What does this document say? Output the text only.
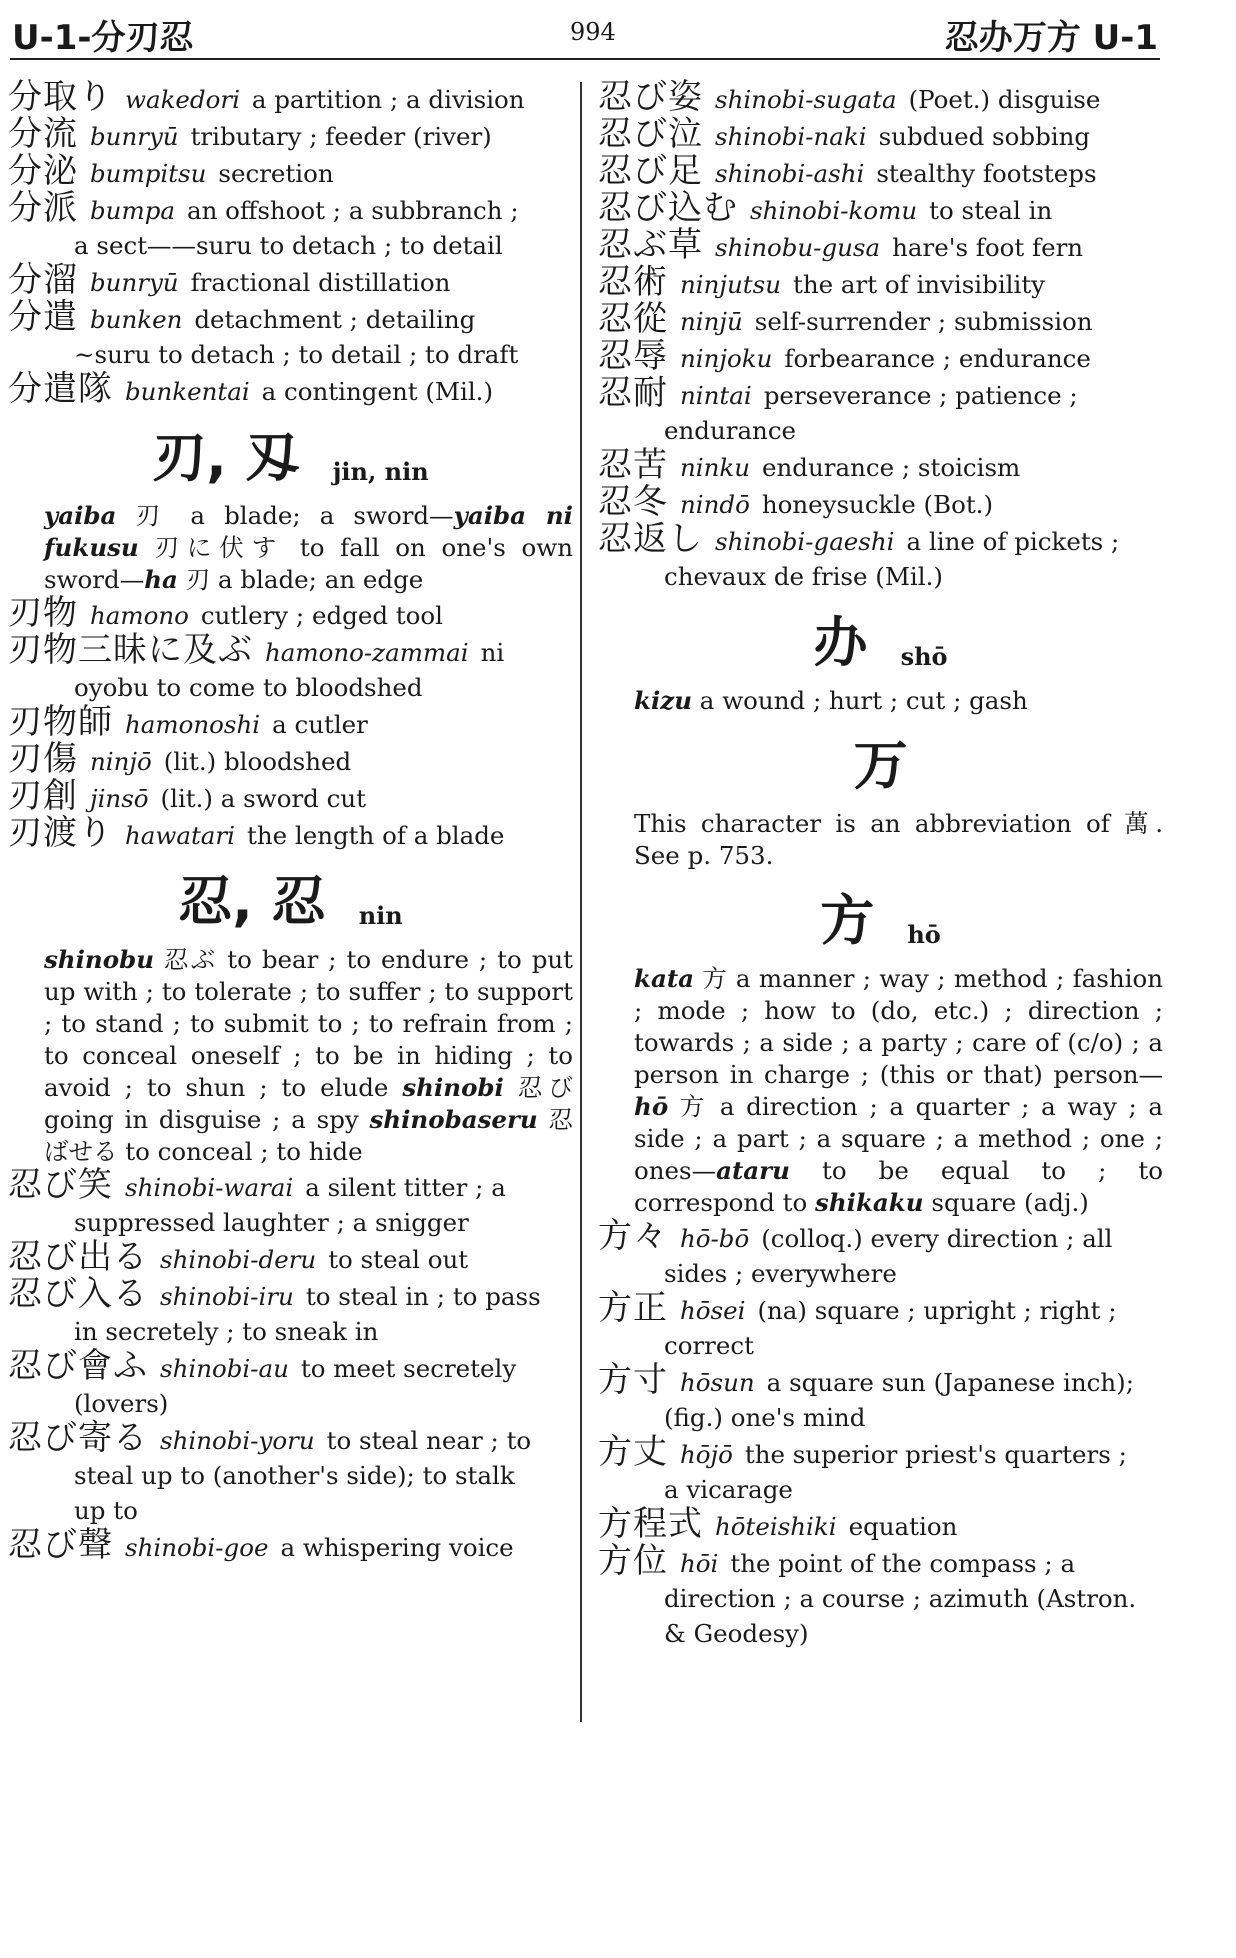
U-1-分刃忍	994	忍办万方 U-1

分取り wakedori a partition ; a division

分流 bunryū tributary ; feeder (river)

分泌 bumpitsu secretion

分派 bumpa an offshoot ; a subbranch ;

a sect——suru to detach ; to detail

分溜 bunryū fractional distillation

分遣 bunken detachment ; detailing

~suru to detach ; to detail ; to draft

分遣隊 bunkentai a contingent (Mil.)

刃, 刄 jin, nin

yaiba 刃 a blade; a sword—yaiba ni fukusu 刃に伏す to fall on one's own sword—ha 刃 a blade; an edge

刃物 hamono cutlery ; edged tool

刃物三昧に及ぶ hamono-zammai ni

oyobu to come to bloodshed

刃物師 hamonoshi a cutler

刃傷 ninjō (lit.) bloodshed

刃創 jinsō (lit.) a sword cut

刃渡り hawatari the length of a blade

忍, 忍 nin

shinobu 忍ぶ to bear ; to endure ; to put up with ; to tolerate ; to suffer ; to support ; to stand ; to submit to ; to refrain from ; to conceal oneself ; to be in hiding ; to avoid ; to shun ; to elude shinobi 忍び going in disguise ; a spy shinobaseru 忍ばせる to conceal ; to hide

忍び笑 shinobi-warai a silent titter ; a

suppressed laughter ; a snigger

忍び出る shinobi-deru to steal out

忍び入る shinobi-iru to steal in ; to pass

in secretely ; to sneak in

忍び會ふ shinobi-au to meet secretely

(lovers)

忍び寄る shinobi-yoru to steal near ; to

steal up to (another's side); to stalk

up to

忍び聲 shinobi-goe a whispering voice

忍び姿 shinobi-sugata (Poet.) disguise

忍び泣 shinobi-naki subdued sobbing

忍び足 shinobi-ashi stealthy footsteps

忍び込む shinobi-komu to steal in

忍ぶ草 shinobu-gusa hare's foot fern

忍術 ninjutsu the art of invisibility

忍從 ninjū self-surrender ; submission

忍辱 ninjoku forbearance ; endurance

忍耐 nintai perseverance ; patience ;

endurance

忍苦 ninku endurance ; stoicism

忍冬 nindō honeysuckle (Bot.)

忍返し shinobi-gaeshi a line of pickets ;

chevaux de frise (Mil.)

办 shō

kizu a wound ; hurt ; cut ; gash

万

This character is an abbreviation of 萬. See p. 753.

方 hō

kata 方 a manner ; way ; method ; fashion ; mode ; how to (do, etc.) ; direction ; towards ; a side ; a party ; care of (c/o) ; a person in charge ; (this or that) person—hō 方 a direction ; a quarter ; a way ; a side ; a part ; a square ; a method ; one ; ones—ataru to be equal to ; to correspond to shikaku square (adj.)

方々 hō-bō (colloq.) every direction ; all

sides ; everywhere

方正 hōsei (na) square ; upright ; right ;

correct

方寸 hōsun a square sun (Japanese inch);

(fig.) one's mind

方丈 hōjō the superior priest's quarters ;

a vicarage

方程式 hōteishiki equation

方位 hōi the point of the compass ; a

direction ; a course ; azimuth (Astron.

& Geodesy)
